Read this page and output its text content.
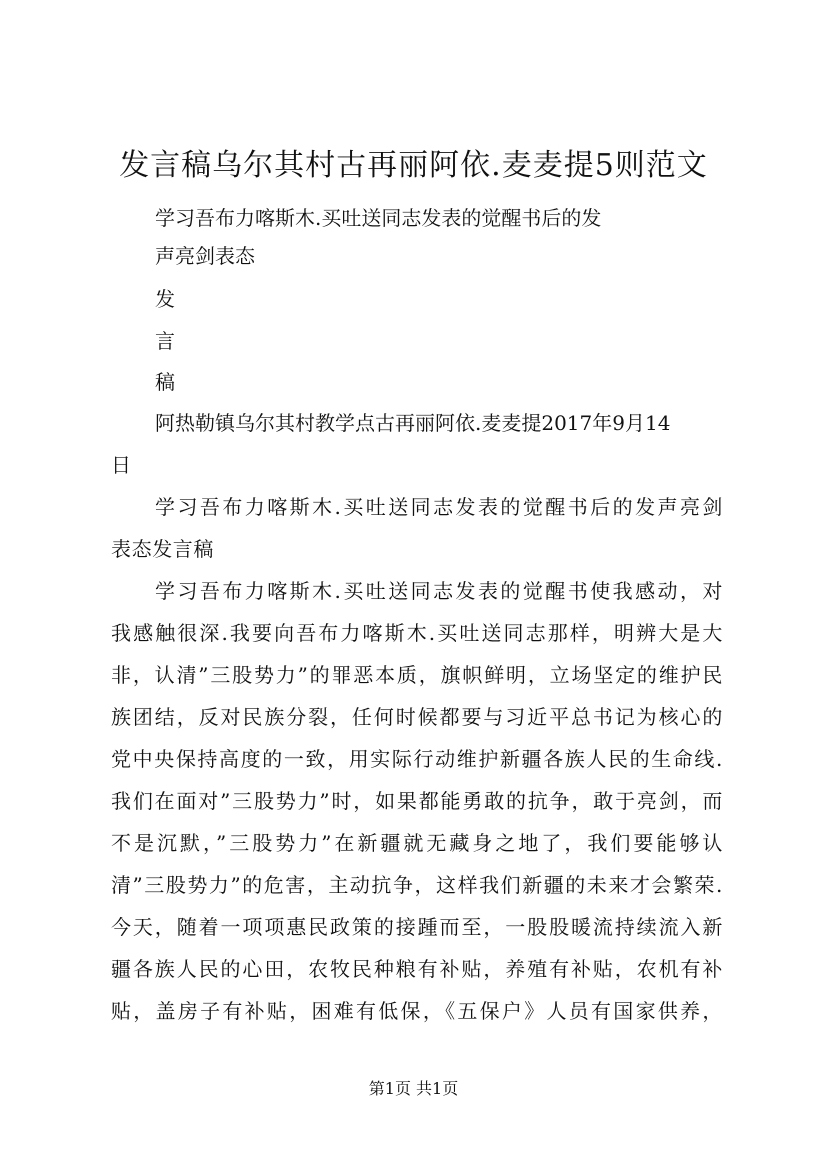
发言稿乌尔其村古再丽阿依.麦麦提5则范文
学习吾布力喀斯木.买吐送同志发表的觉醒书后的发
声亮剑表态
发
言
稿
阿热勒镇乌尔其村教学点古再丽阿依.麦麦提2017年9月14
日
学习吾布力喀斯木.买吐送同志发表的觉醒书后的发声亮剑
表态发言稿
学习吾布力喀斯木.买吐送同志发表的觉醒书使我感动，对
我感触很深.我要向吾布力喀斯木.买吐送同志那样，明辨大是大
非，认清”三股势力”的罪恶本质，旗帜鲜明，立场坚定的维护民
族团结，反对民族分裂，任何时候都要与习近平总书记为核心的
党中央保持高度的一致，用实际行动维护新疆各族人民的生命线.
我们在面对”三股势力”时，如果都能勇敢的抗争，敢于亮剑，而
不是沉默，”三股势力”在新疆就无藏身之地了，我们要能够认
清”三股势力”的危害，主动抗争，这样我们新疆的未来才会繁荣.
今天，随着一项项惠民政策的接踵而至，一股股暖流持续流入新
疆各族人民的心田，农牧民种粮有补贴，养殖有补贴，农机有补
贴，盖房子有补贴，困难有低保，《五保户》人员有国家供养，
第1页 共1页
